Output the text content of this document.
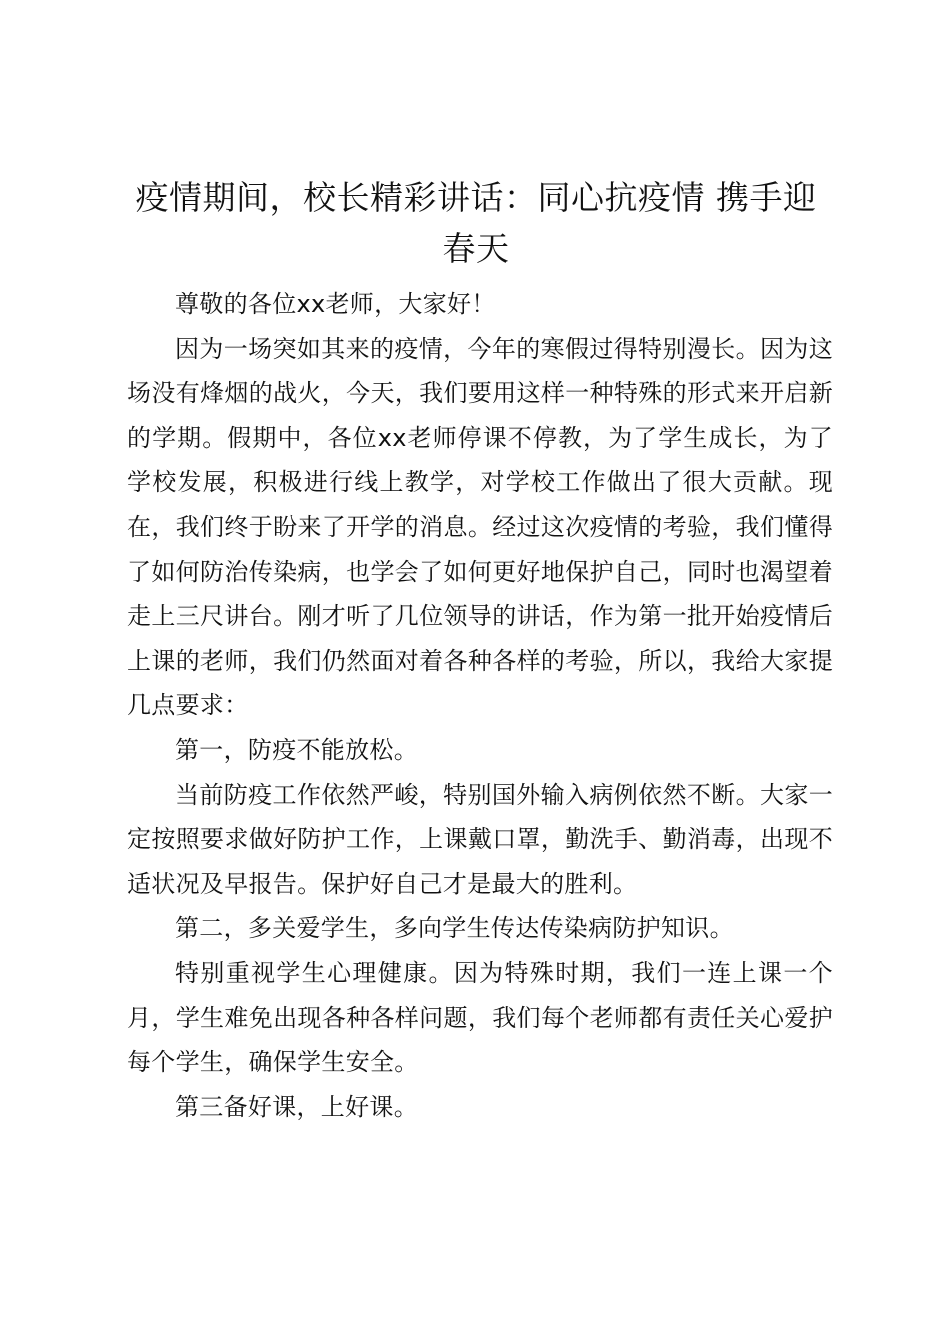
疫情期间，校长精彩讲话：同心抗疫情 携手迎春天

尊敬的各位xx老师，大家好！

因为一场突如其来的疫情，今年的寒假过得特别漫长。因为这场没有烽烟的战火，今天，我们要用这样一种特殊的形式来开启新的学期。假期中，各位xx老师停课不停教，为了学生成长，为了学校发展，积极进行线上教学，对学校工作做出了很大贡献。现在，我们终于盼来了开学的消息。经过这次疫情的考验，我们懂得了如何防治传染病，也学会了如何更好地保护自己，同时也渴望着走上三尺讲台。刚才听了几位领导的讲话，作为第一批开始疫情后上课的老师，我们仍然面对着各种各样的考验，所以，我给大家提几点要求：

第一，防疫不能放松。

当前防疫工作依然严峻，特别国外输入病例依然不断。大家一定按照要求做好防护工作，上课戴口罩，勤洗手、勤消毒，出现不适状况及早报告。保护好自己才是最大的胜利。

第二，多关爱学生，多向学生传达传染病防护知识。

特别重视学生心理健康。因为特殊时期，我们一连上课一个月，学生难免出现各种各样问题，我们每个老师都有责任关心爱护每个学生，确保学生安全。

第三备好课，上好课。
